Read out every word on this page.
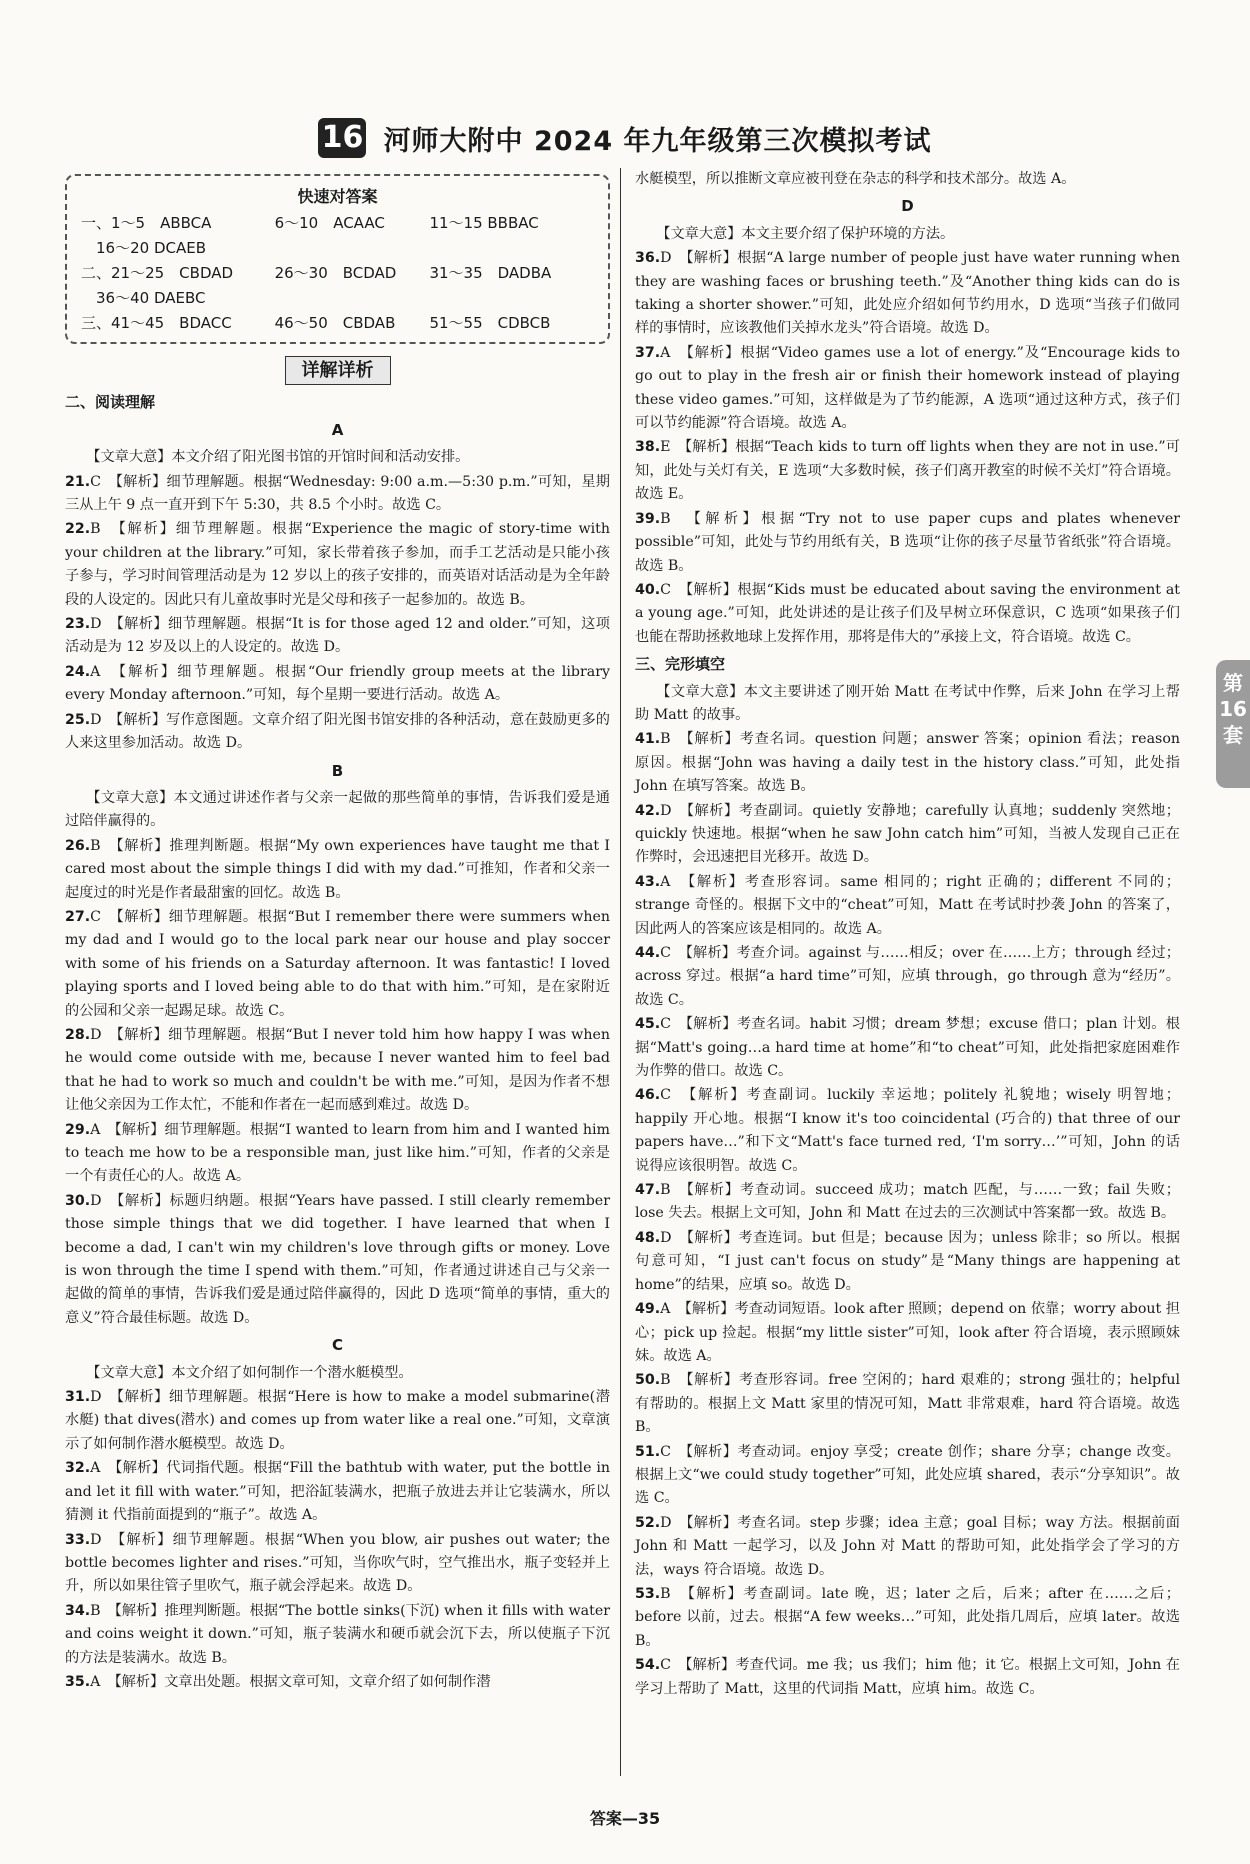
16 河师大附中 2024 年九年级第三次模拟考试
快速对答案
一、1～5　ABBCA	6～10　ACAAC	11～15 BBBAC
　16～20 DCAEB
二、21～25　CBDAD	26～30　BCDAD	31～35　DADBA
　36～40 DAEBC
三、41～45　BDACC	46～50　CBDAB	51～55　CDBCB
详解详析
二、阅读理解
A
【文章大意】本文介绍了阳光图书馆的开馆时间和活动安排。
21.C　【解析】细节理解题。根据“Wednesday: 9:00 a.m.—5:30 p.m.”可知，星期三从上午 9 点一直开到下午 5:30，共 8.5 个小时。故选 C。
22.B　【解析】细节理解题。根据“Experience the magic of story-time with your children at the library.”可知，家长带着孩子参加，而手工艺活动是只能小孩子参与，学习时间管理活动是为 12 岁以上的孩子安排的，而英语对话活动是为全年龄段的人设定的。因此只有儿童故事时光是父母和孩子一起参加的。故选 B。
23.D　【解析】细节理解题。根据“It is for those aged 12 and older.”可知，这项活动是为 12 岁及以上的人设定的。故选 D。
24.A　【解析】细节理解题。根据“Our friendly group meets at the library every Monday afternoon.”可知，每个星期一要进行活动。故选 A。
25.D　【解析】写作意图题。文章介绍了阳光图书馆安排的各种活动，意在鼓励更多的人来这里参加活动。故选 D。
B
【文章大意】本文通过讲述作者与父亲一起做的那些简单的事情，告诉我们爱是通过陪伴赢得的。
26.B　【解析】推理判断题。根据“My own experiences have taught me that I cared most about the simple things I did with my dad.”可推知，作者和父亲一起度过的时光是作者最甜蜜的回忆。故选 B。
27.C　【解析】细节理解题。根据“But I remember there were summers when my dad and I would go to the local park near our house and play soccer with some of his friends on a Saturday afternoon. It was fantastic! I loved playing sports and I loved being able to do that with him.”可知，是在家附近的公园和父亲一起踢足球。故选 C。
28.D　【解析】细节理解题。根据“But I never told him how happy I was when he would come outside with me, because I never wanted him to feel bad that he had to work so much and couldn't be with me.”可知，是因为作者不想让他父亲因为工作太忙，不能和作者在一起而感到难过。故选 D。
29.A　【解析】细节理解题。根据“I wanted to learn from him and I wanted him to teach me how to be a responsible man, just like him.”可知，作者的父亲是一个有责任心的人。故选 A。
30.D　【解析】标题归纳题。根据“Years have passed. I still clearly remember those simple things that we did together. I have learned that when I become a dad, I can't win my children's love through gifts or money. Love is won through the time I spend with them.”可知，作者通过讲述自己与父亲一起做的简单的事情，告诉我们爱是通过陪伴赢得的，因此 D 选项“简单的事情，重大的意义”符合最佳标题。故选 D。
C
【文章大意】本文介绍了如何制作一个潜水艇模型。
31.D　【解析】细节理解题。根据“Here is how to make a model submarine(潜水艇) that dives(潜水) and comes up from water like a real one.”可知，文章演示了如何制作潜水艇模型。故选 D。
32.A　【解析】代词指代题。根据“Fill the bathtub with water, put the bottle in and let it fill with water.”可知，把浴缸装满水，把瓶子放进去并让它装满水，所以猜测 it 代指前面提到的“瓶子”。故选 A。
33.D　【解析】细节理解题。根据“When you blow, air pushes out water; the bottle becomes lighter and rises.”可知，当你吹气时，空气推出水，瓶子变轻并上升，所以如果往管子里吹气，瓶子就会浮起来。故选 D。
34.B　【解析】推理判断题。根据“The bottle sinks(下沉) when it fills with water and coins weight it down.”可知，瓶子装满水和硬币就会沉下去，所以使瓶子下沉的方法是装满水。故选 B。
35.A　【解析】文章出处题。根据文章可知，文章介绍了如何制作潜
水艇模型，所以推断文章应被刊登在杂志的科学和技术部分。故选 A。
D
【文章大意】本文主要介绍了保护环境的方法。
36.D　【解析】根据“A large number of people just have water running when they are washing faces or brushing teeth.”及“Another thing kids can do is taking a shorter shower.”可知，此处应介绍如何节约用水，D 选项“当孩子们做同样的事情时，应该教他们关掉水龙头”符合语境。故选 D。
37.A　【解析】根据“Video games use a lot of energy.”及“Encourage kids to go out to play in the fresh air or finish their homework instead of playing these video games.”可知，这样做是为了节约能源，A 选项“通过这种方式，孩子们可以节约能源”符合语境。故选 A。
38.E　【解析】根据“Teach kids to turn off lights when they are not in use.”可知，此处与关灯有关，E 选项“大多数时候，孩子们离开教室的时候不关灯”符合语境。故选 E。
39.B　【解析】根据“Try not to use paper cups and plates whenever possible”可知，此处与节约用纸有关，B 选项“让你的孩子尽量节省纸张”符合语境。故选 B。
40.C　【解析】根据“Kids must be educated about saving the environment at a young age.”可知，此处讲述的是让孩子们及早树立环保意识，C 选项“如果孩子们也能在帮助拯救地球上发挥作用，那将是伟大的”承接上文，符合语境。故选 C。
三、完形填空
【文章大意】本文主要讲述了刚开始 Matt 在考试中作弊，后来 John 在学习上帮助 Matt 的故事。
41.B　【解析】考查名词。question 问题；answer 答案；opinion 看法；reason 原因。根据“John was having a daily test in the history class.”可知，此处指 John 在填写答案。故选 B。
42.D　【解析】考查副词。quietly 安静地；carefully 认真地；suddenly 突然地；quickly 快速地。根据“when he saw John catch him”可知，当被人发现自己正在作弊时，会迅速把目光移开。故选 D。
43.A　【解析】考查形容词。same 相同的；right 正确的；different 不同的；strange 奇怪的。根据下文中的“cheat”可知，Matt 在考试时抄袭 John 的答案了，因此两人的答案应该是相同的。故选 A。
44.C　【解析】考查介词。against 与……相反；over 在……上方；through 经过；across 穿过。根据“a hard time”可知，应填 through，go through 意为“经历”。故选 C。
45.C　【解析】考查名词。habit 习惯；dream 梦想；excuse 借口；plan 计划。根据“Matt's going…a hard time at home”和“to cheat”可知，此处指把家庭困难作为作弊的借口。故选 C。
46.C　【解析】考查副词。luckily 幸运地；politely 礼貌地；wisely 明智地；happily 开心地。根据“I know it's too coincidental (巧合的) that three of our papers have…”和下文“Matt's face turned red, ‘I'm sorry…’”可知，John 的话说得应该很明智。故选 C。
47.B　【解析】考查动词。succeed 成功；match 匹配，与……一致；fail 失败；lose 失去。根据上文可知，John 和 Matt 在过去的三次测试中答案都一致。故选 B。
48.D　【解析】考查连词。but 但是；because 因为；unless 除非；so 所以。根据句意可知，“I just can't focus on study”是“Many things are happening at home”的结果，应填 so。故选 D。
49.A　【解析】考查动词短语。look after 照顾；depend on 依靠；worry about 担心；pick up 捡起。根据“my little sister”可知，look after 符合语境，表示照顾妹妹。故选 A。
50.B　【解析】考查形容词。free 空闲的；hard 艰难的；strong 强壮的；helpful 有帮助的。根据上文 Matt 家里的情况可知，Matt 非常艰难，hard 符合语境。故选 B。
51.C　【解析】考查动词。enjoy 享受；create 创作；share 分享；change 改变。根据上文“we could study together”可知，此处应填 shared，表示“分享知识”。故选 C。
52.D　【解析】考查名词。step 步骤；idea 主意；goal 目标；way 方法。根据前面 John 和 Matt 一起学习，以及 John 对 Matt 的帮助可知，此处指学会了学习的方法，ways 符合语境。故选 D。
53.B　【解析】考查副词。late 晚，迟；later 之后，后来；after 在……之后；before 以前，过去。根据“A few weeks…”可知，此处指几周后，应填 later。故选 B。
54.C　【解析】考查代词。me 我；us 我们；him 他；it 它。根据上文可知，John 在学习上帮助了 Matt，这里的代词指 Matt，应填 him。故选 C。
第
16
套
答案—35
